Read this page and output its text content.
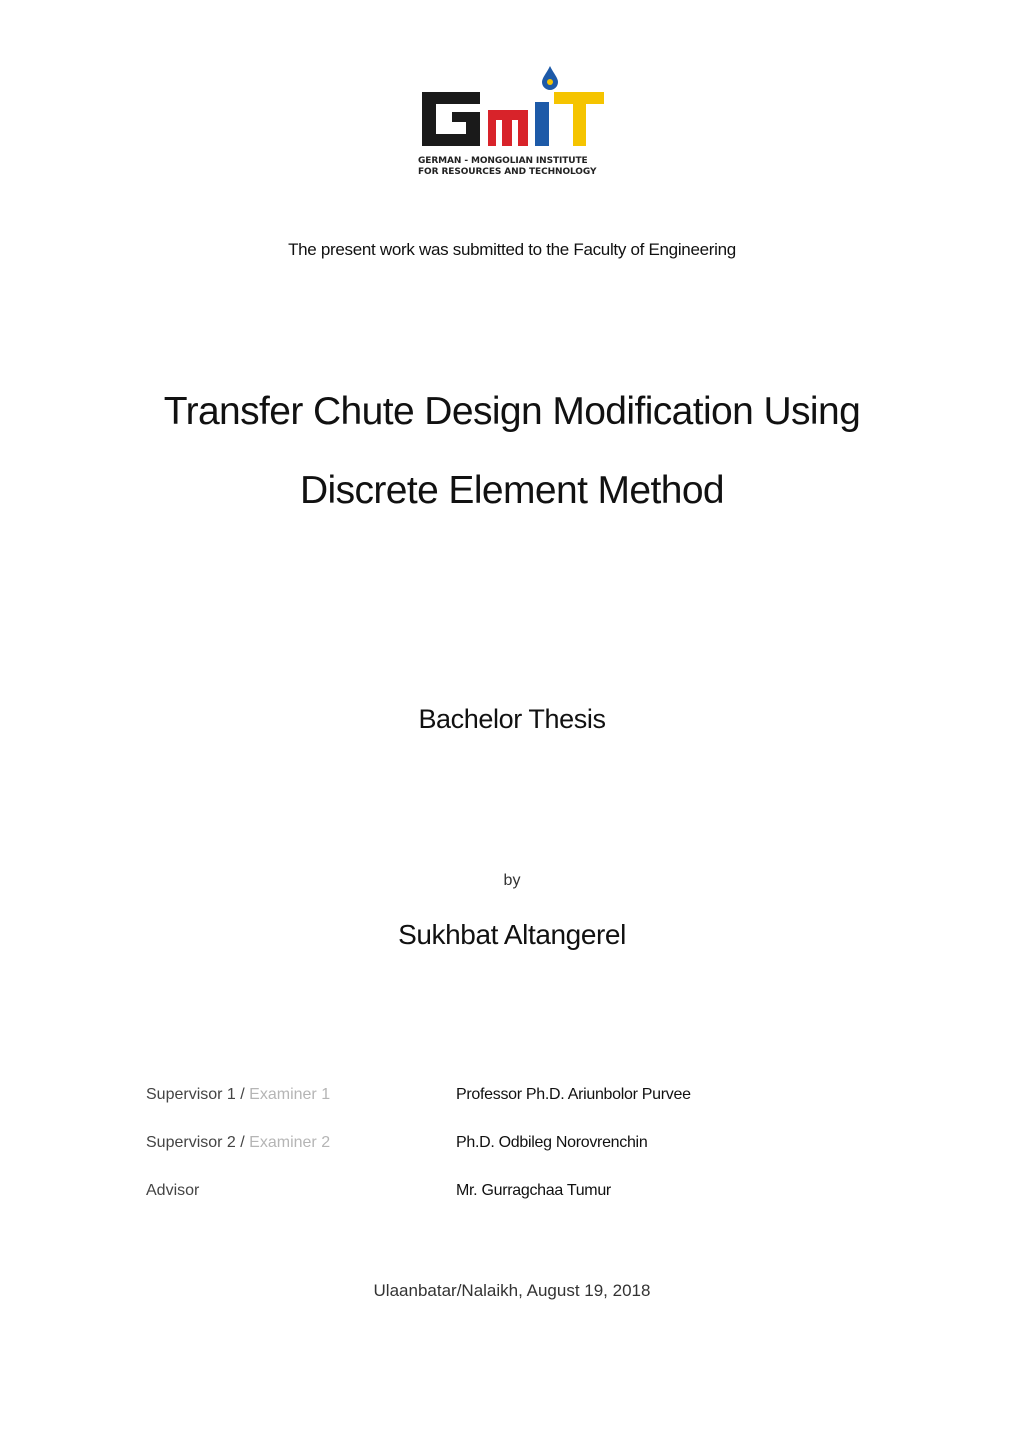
GERMAN - MONGOLIAN INSTITUTE
FOR RESOURCES AND TECHNOLOGY
The present work was submitted to the Faculty of Engineering
Transfer Chute Design Modification Using
Discrete Element Method
Bachelor Thesis
by
Sukhbat Altangerel
Supervisor 1 / Examiner 1	Professor Ph.D. Ariunbolor Purvee
Supervisor 2 / Examiner 2	Ph.D. Odbileg Norovrenchin
Advisor	Mr. Gurragchaa Tumur
Ulaanbatar/Nalaikh, August 19, 2018
